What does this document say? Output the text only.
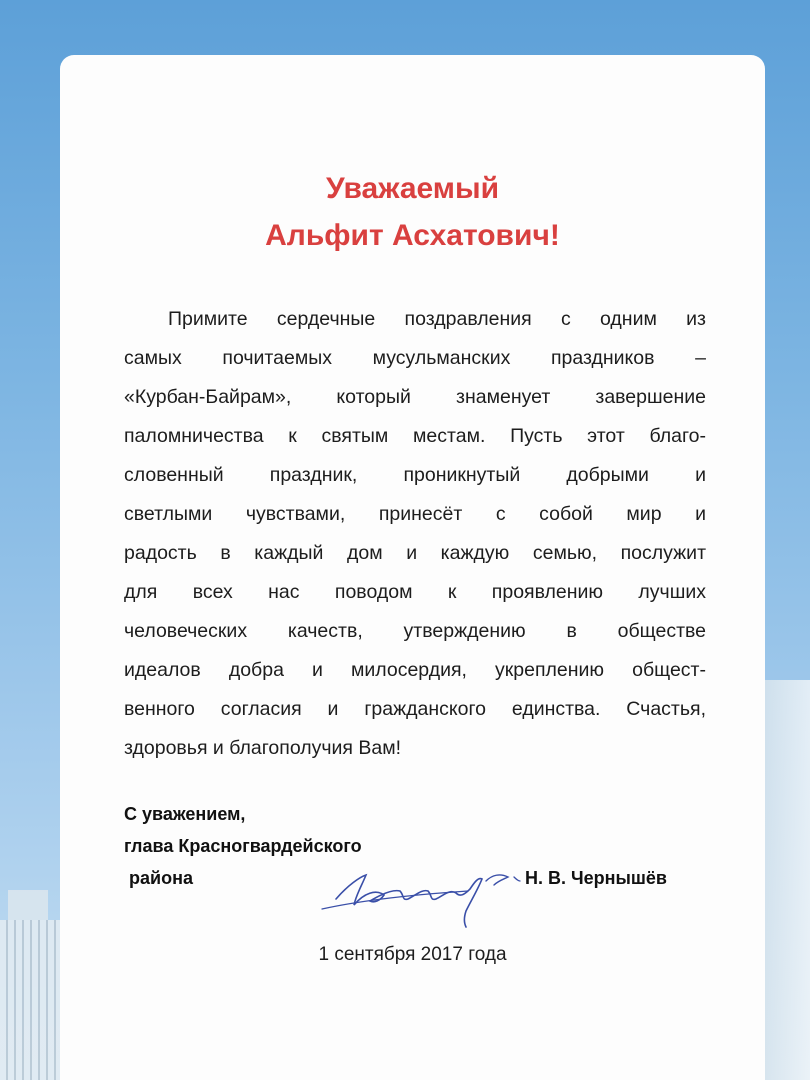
Уважаемый
Альфит Асхатович!
Примите сердечные поздравления с одним из
самых почитаемых мусульманских праздников –
«Курбан-Байрам», который знаменует завершение
паломничества к святым местам. Пусть этот благо-
словенный праздник, проникнутый добрыми и
светлыми чувствами, принесёт с собой мир и
радость в каждый дом и каждую семью, послужит
для всех нас поводом к проявлению лучших
человеческих качеств, утверждению в обществе
идеалов добра и милосердия, укреплению общест-
венного согласия и гражданского единства. Счастья,
здоровья и благополучия Вам!
С уважением,
глава Красногвардейского
района	Н. В. Чернышёв
1 сентября 2017 года
